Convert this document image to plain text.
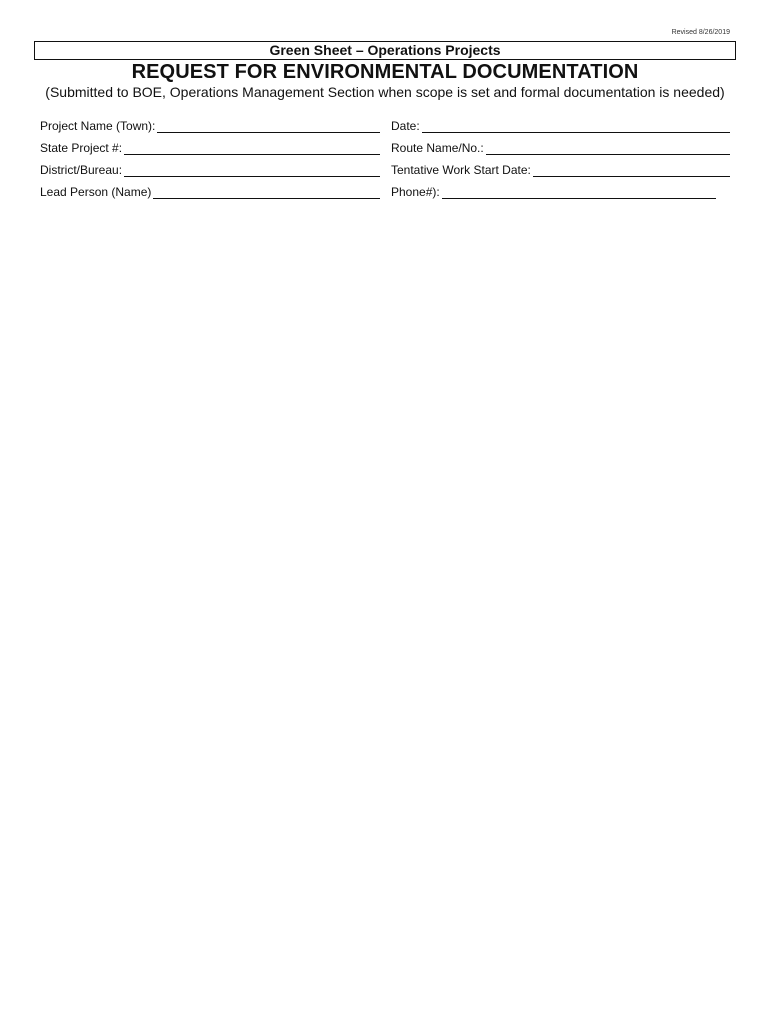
Revised 8/26/2019
Green Sheet – Operations Projects
REQUEST FOR ENVIRONMENTAL DOCUMENTATION
(Submitted to BOE, Operations Management Section when scope is set and formal documentation is needed)
Project Name (Town):	Date:
State Project #:	Route Name/No.:
District/Bureau:	Tentative Work Start Date:
Lead Person (Name)	Phone#):
